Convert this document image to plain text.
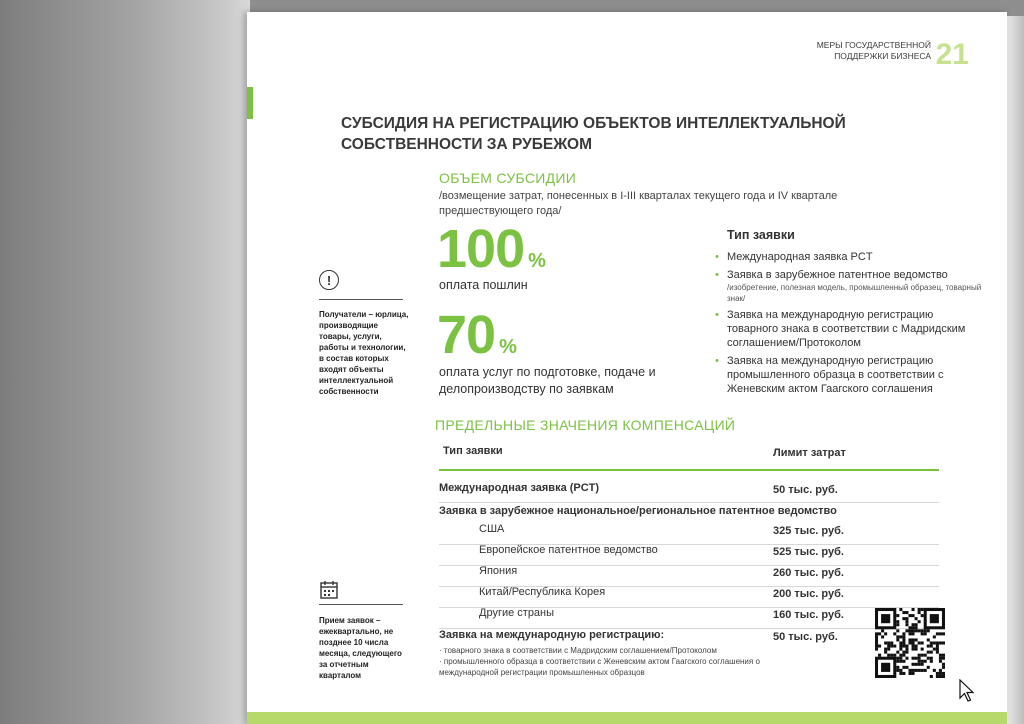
МЕРЫ ГОСУДАРСТВЕННОЙ ПОДДЕРЖКИ БИЗНЕСА 21
СУБСИДИЯ НА РЕГИСТРАЦИЮ ОБЪЕКТОВ ИНТЕЛЛЕКТУАЛЬНОЙ СОБСТВЕННОСТИ ЗА РУБЕЖОМ
ОБЪЕМ СУБСИДИИ
/возмещение затрат, понесенных в I-III кварталах текущего года и IV квартале предшествующего года/
100 %
оплата пошлин
70 %
оплата услуг по подготовке, подаче и делопроизводству по заявкам
Тип заявки
• Международная заявка PCT
• Заявка в зарубежное патентное ведомство
/изобретение, полезная модель, промышленный образец, товарный знак/
• Заявка на международную регистрацию товарного знака в соответствии с Мадридским соглашением/Протоколом
• Заявка на международную регистрацию промышленного образца в соответствии с Женевским актом Гаагского соглашения
!
Получатели – юрлица, производящие товары, услуги, работы и технологии, в состав которых входят объекты интеллектуальной собственности
Прием заявок – ежеквартально, не позднее 10 числа месяца, следующего за отчетным кварталом
ПРЕДЕЛЬНЫЕ ЗНАЧЕНИЯ КОМПЕНСАЦИЙ
Тип заявки	Лимит затрат
Международная заявка (PCT)	50 тыс. руб.
Заявка в зарубежное национальное/региональное патентное ведомство
США	325 тыс. руб.
Европейское патентное ведомство	525 тыс. руб.
Япония	260 тыс. руб.
Китай/Республика Корея	200 тыс. руб.
Другие страны	160 тыс. руб.
Заявка на международную регистрацию:	50 тыс. руб.
· товарного знака в соответствии с Мадридским соглашением/Протоколом
· промышленного образца в соответствии с Женевским актом Гаагского соглашения о международной регистрации промышленных образцов
